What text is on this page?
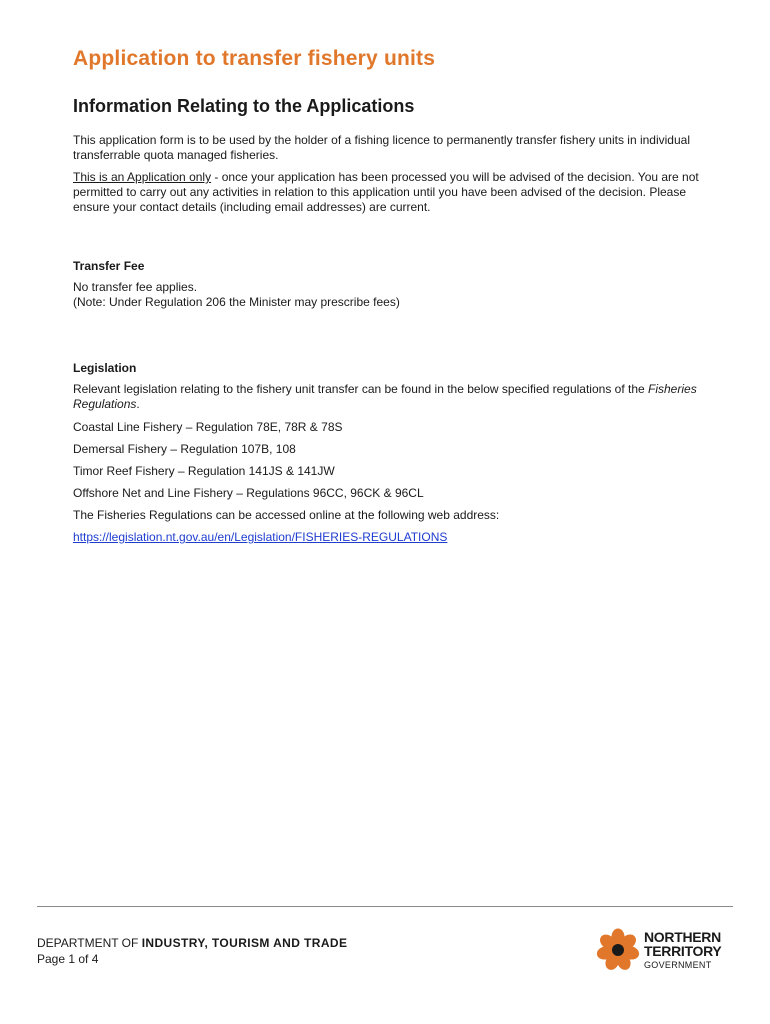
Application to transfer fishery units
Information Relating to the Applications
This application form is to be used by the holder of a fishing licence to permanently transfer fishery units in individual transferrable quota managed fisheries.
This is an Application only - once your application has been processed you will be advised of the decision. You are not permitted to carry out any activities in relation to this application until you have been advised of the decision. Please ensure your contact details (including email addresses) are current.
Transfer Fee
No transfer fee applies.
(Note: Under Regulation 206 the Minister may prescribe fees)
Legislation
Relevant legislation relating to the fishery unit transfer can be found in the below specified regulations of the Fisheries Regulations.
Coastal Line Fishery – Regulation 78E, 78R & 78S
Demersal Fishery – Regulation 107B, 108
Timor Reef Fishery – Regulation 141JS & 141JW
Offshore Net and Line Fishery – Regulations 96CC, 96CK & 96CL
The Fisheries Regulations can be accessed online at the following web address:
https://legislation.nt.gov.au/en/Legislation/FISHERIES-REGULATIONS
DEPARTMENT OF INDUSTRY, TOURISM AND TRADE
Page 1 of 4
NORTHERN
TERRITORY
GOVERNMENT
